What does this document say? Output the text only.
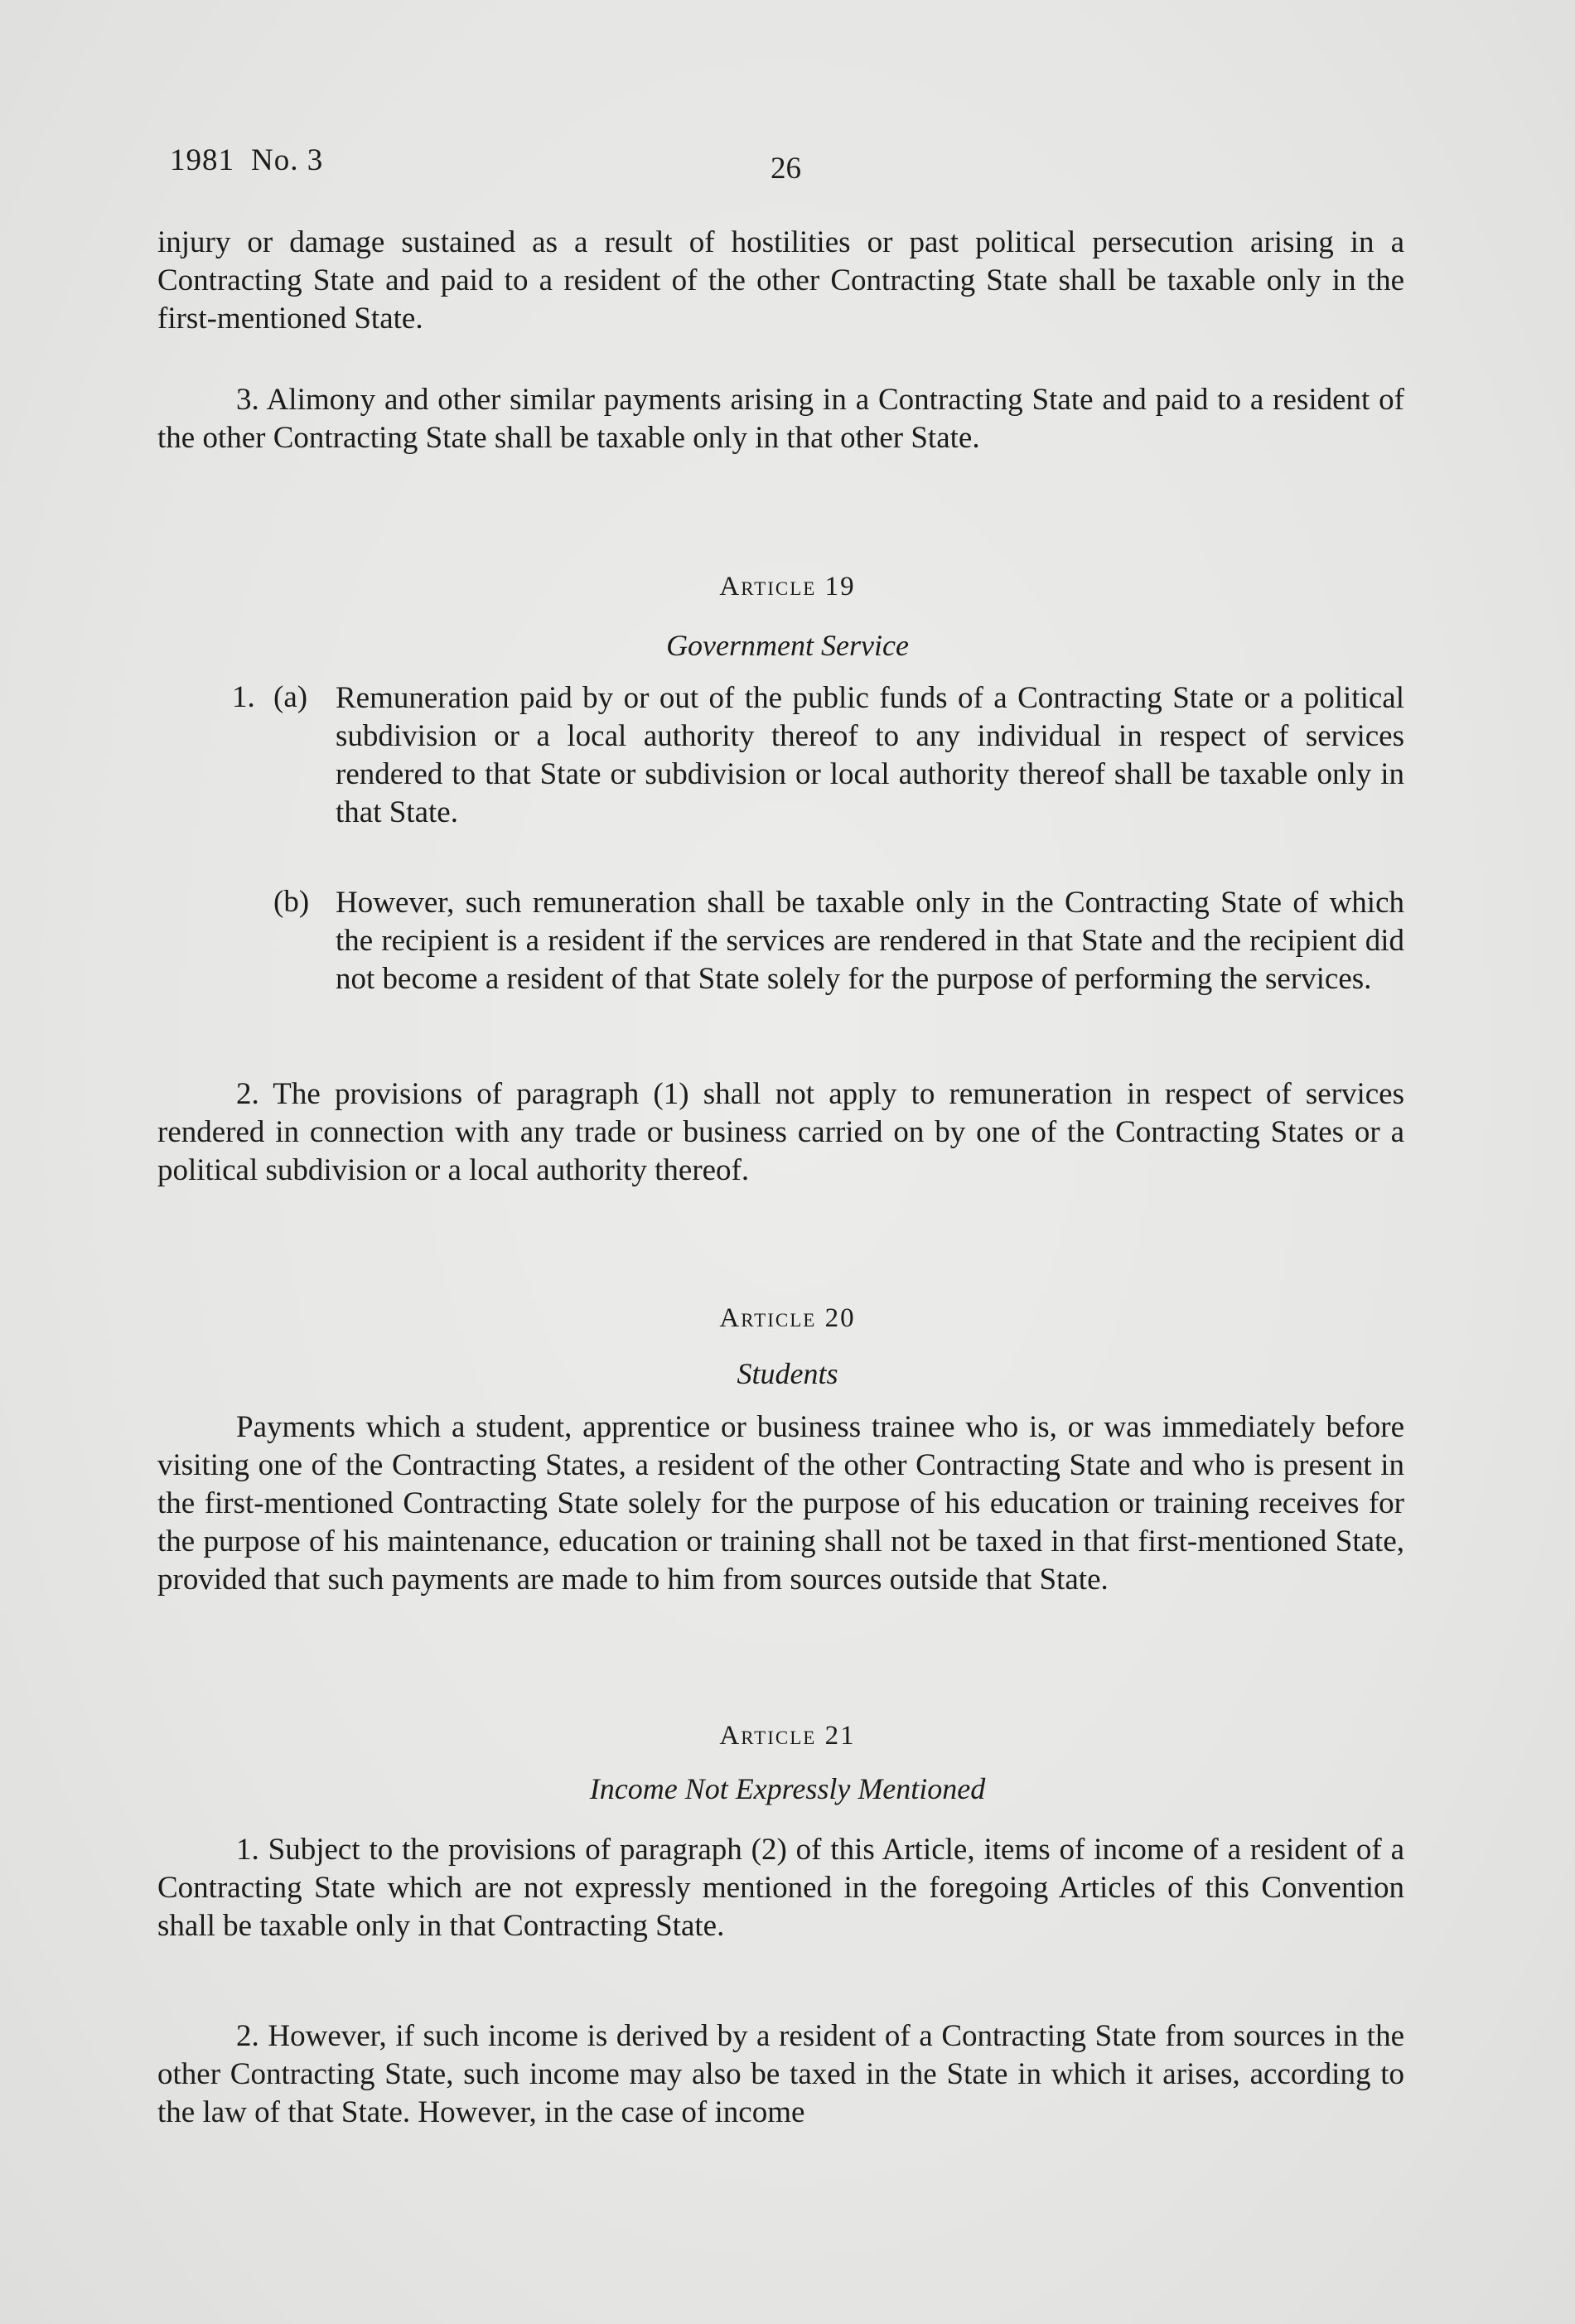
1981 No. 3	26
injury or damage sustained as a result of hostilities or past political persecution arising in a Contracting State and paid to a resident of the other Contracting State shall be taxable only in the first-mentioned State.
3. Alimony and other similar payments arising in a Contracting State and paid to a resident of the other Contracting State shall be taxable only in that other State.
Article 19
Government Service
1. (a) Remuneration paid by or out of the public funds of a Contracting State or a political subdivision or a local authority thereof to any individual in respect of services rendered to that State or subdivision or local authority thereof shall be taxable only in that State.
(b) However, such remuneration shall be taxable only in the Contracting State of which the recipient is a resident if the services are rendered in that State and the recipient did not become a resident of that State solely for the purpose of performing the services.
2. The provisions of paragraph (1) shall not apply to remuneration in respect of services rendered in connection with any trade or business carried on by one of the Contracting States or a political subdivision or a local authority thereof.
Article 20
Students
Payments which a student, apprentice or business trainee who is, or was immediately before visiting one of the Contracting States, a resident of the other Contracting State and who is present in the first-mentioned Contracting State solely for the purpose of his education or training receives for the purpose of his maintenance, education or training shall not be taxed in that first-mentioned State, provided that such payments are made to him from sources outside that State.
Article 21
Income Not Expressly Mentioned
1. Subject to the provisions of paragraph (2) of this Article, items of income of a resident of a Contracting State which are not expressly mentioned in the foregoing Articles of this Convention shall be taxable only in that Contracting State.
2. However, if such income is derived by a resident of a Contracting State from sources in the other Contracting State, such income may also be taxed in the State in which it arises, according to the law of that State. However, in the case of income
